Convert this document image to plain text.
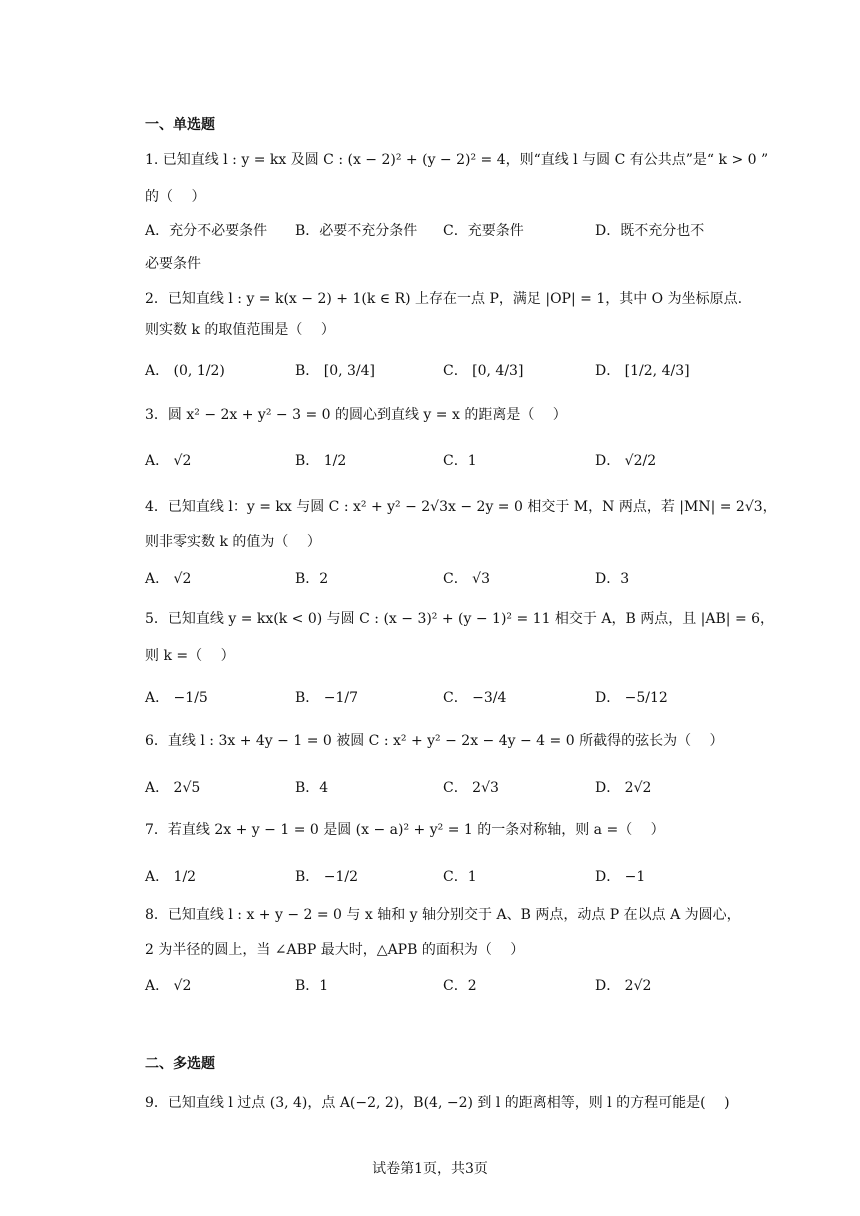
一、单选题
1. 已知直线 l : y = kx 及圆 C : (x − 2)² + (y − 2)² = 4，则“直线 l 与圆 C 有公共点”是“ k > 0 ”
的（　 ）
A．充分不必要条件 B．必要不充分条件 C．充要条件	D．既不充分也不
必要条件
2．已知直线 l : y = k(x − 2) + 1(k ∈ R) 上存在一点 P，满足 |OP| = 1，其中 O 为坐标原点.
则实数 k 的取值范围是（　 ）
A． (0, 1/2)	B． [0, 3/4]	C． [0, 4/3]	D． [1/2, 4/3]
3．圆 x² − 2x + y² − 3 = 0 的圆心到直线 y = x 的距离是（　 ）
A． √2	B． 1/2	C．1	D． √2/2
4．已知直线 l：y = kx 与圆 C : x² + y² − 2√3x − 2y = 0 相交于 M，N 两点，若 |MN| = 2√3，
则非零实数 k 的值为（　 ）
A． √2	B．2	C． √3	D．3
5．已知直线 y = kx(k < 0) 与圆 C : (x − 3)² + (y − 1)² = 11 相交于 A，B 两点，且 |AB| = 6，
则 k =（　 ）
A． −1/5	B． −1/7	C． −3/4	D． −5/12
6．直线 l : 3x + 4y − 1 = 0 被圆 C : x² + y² − 2x − 4y − 4 = 0 所截得的弦长为（　 ）
A． 2√5	B．4	C． 2√3	D． 2√2
7．若直线 2x + y − 1 = 0 是圆 (x − a)² + y² = 1 的一条对称轴，则 a =（　 ）
A． 1/2	B． −1/2	C．1	D． −1
8．已知直线 l : x + y − 2 = 0 与 x 轴和 y 轴分别交于 A、B 两点，动点 P 在以点 A 为圆心，
2 为半径的圆上，当 ∠ABP 最大时，△APB 的面积为（　 ）
A． √2	B．1	C．2	D． 2√2
二、多选题
9．已知直线 l 过点 (3, 4)，点 A(−2, 2)，B(4, −2) 到 l 的距离相等，则 l 的方程可能是(　 )
试卷第1页，共3页
